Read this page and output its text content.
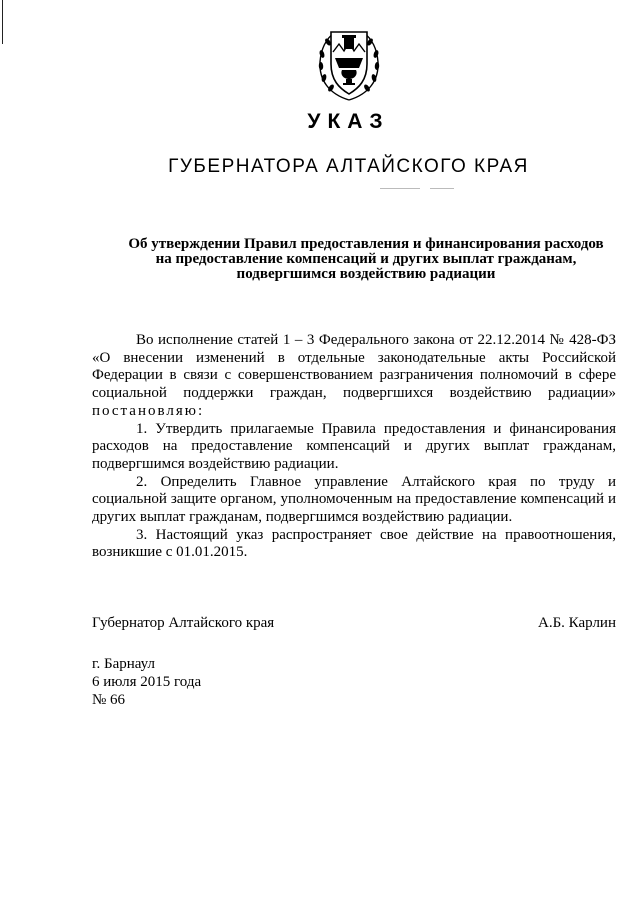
УКАЗ
ГУБЕРНАТОРА АЛТАЙСКОГО КРАЯ
Об утверждении Правил предоставления и финансирования расходов на предоставление компенсаций и других выплат гражданам, подвергшимся воздействию радиации

Во исполнение статей 1 – 3 Федерального закона от 22.12.2014 № 428-ФЗ «О внесении изменений в отдельные законодательные акты Российской Федерации в связи с совершенствованием разграничения полномочий в сфере социальной поддержки граждан, подвергшихся воздействию радиации» постановляю:

1. Утвердить прилагаемые Правила предоставления и финансирования расходов на предоставление компенсаций и других выплат гражданам, подвергшимся воздействию радиации.

2. Определить Главное управление Алтайского края по труду и социальной защите органом, уполномоченным на предоставление компенсаций и других выплат гражданам, подвергшимся воздействию радиации.

3. Настоящий указ распространяет свое действие на правоотношения, возникшие с 01.01.2015.

Губернатор Алтайского края	А.Б. Карлин
г. Барнаул
6 июля 2015 года
№ 66
